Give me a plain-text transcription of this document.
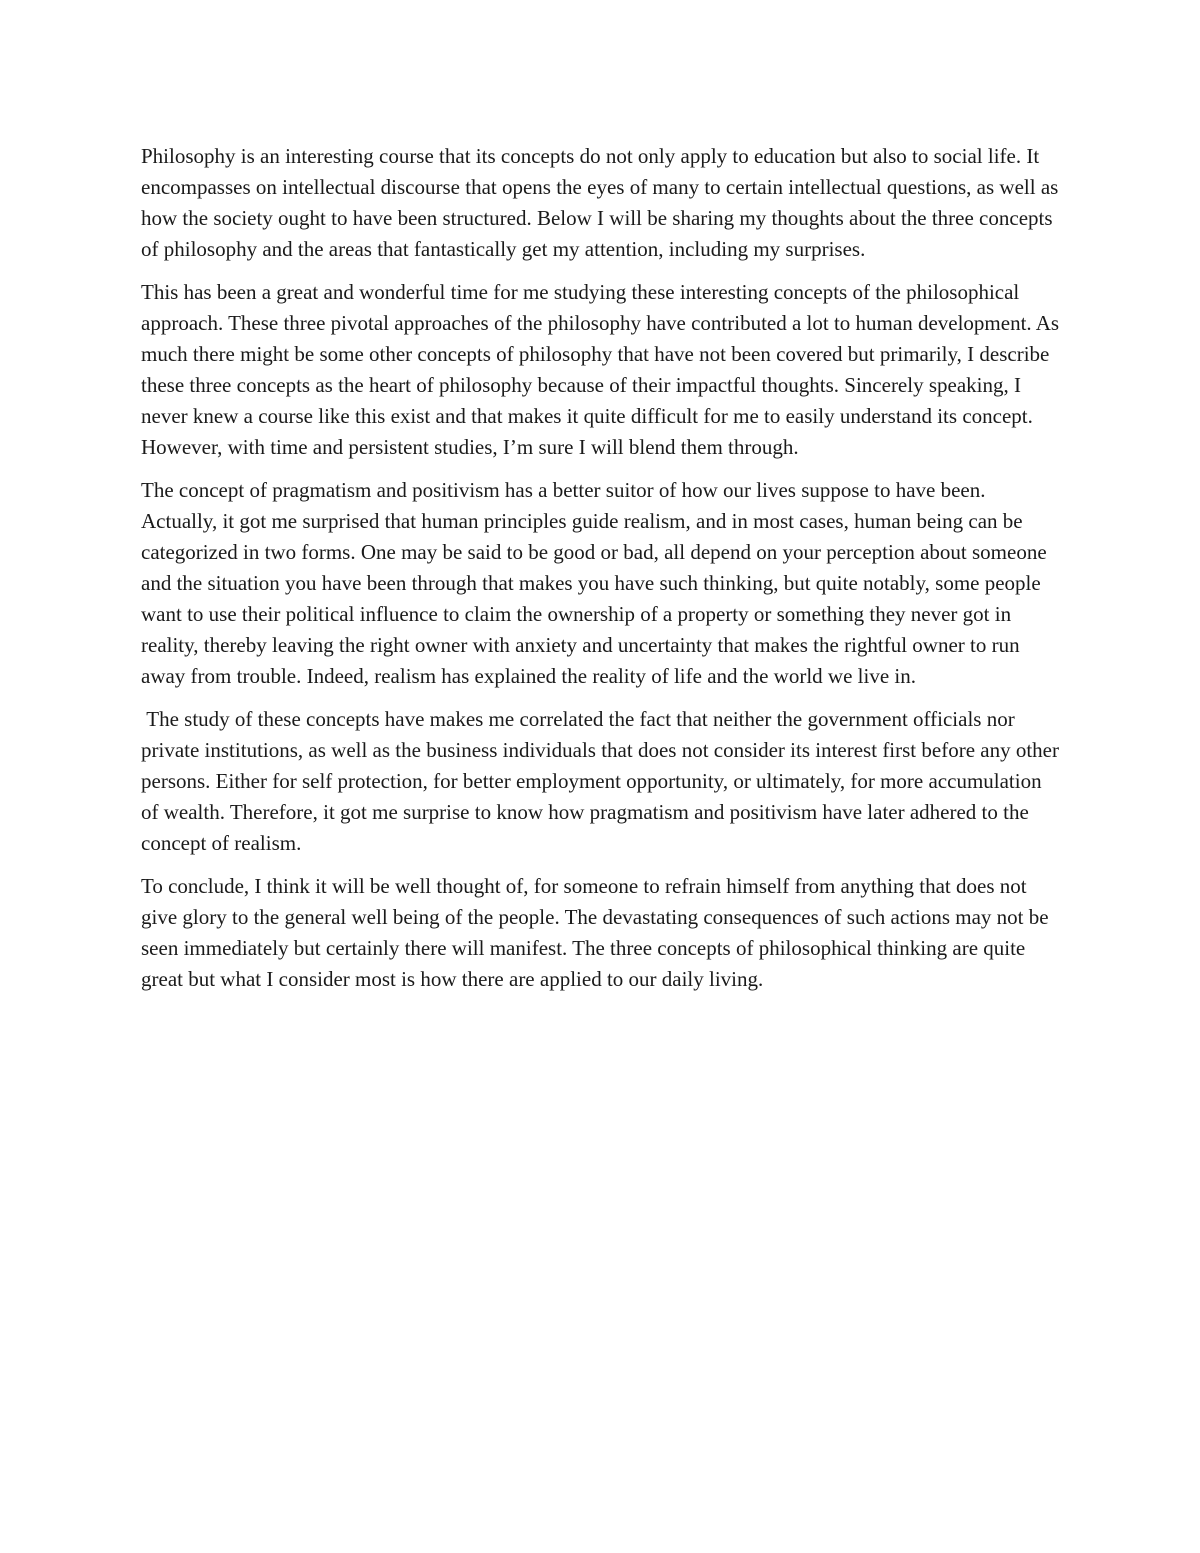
Philosophy is an interesting course that its concepts do not only apply to education but also to social life. It encompasses on intellectual discourse that opens the eyes of many to certain intellectual questions, as well as how the society ought to have been structured. Below I will be sharing my thoughts about the three concepts of philosophy and the areas that fantastically get my attention, including my surprises.

This has been a great and wonderful time for me studying these interesting concepts of the philosophical approach. These three pivotal approaches of the philosophy have contributed a lot to human development. As much there might be some other concepts of philosophy that have not been covered but primarily, I describe these three concepts as the heart of philosophy because of their impactful thoughts. Sincerely speaking, I never knew a course like this exist and that makes it quite difficult for me to easily understand its concept. However, with time and persistent studies, I’m sure I will blend them through.

The concept of pragmatism and positivism has a better suitor of how our lives suppose to have been. Actually, it got me surprised that human principles guide realism, and in most cases, human being can be categorized in two forms. One may be said to be good or bad, all depend on your perception about someone and the situation you have been through that makes you have such thinking, but quite notably, some people want to use their political influence to claim the ownership of a property or something they never got in reality, thereby leaving the right owner with anxiety and uncertainty that makes the rightful owner to run away from trouble. Indeed, realism has explained the reality of life and the world we live in.

The study of these concepts have makes me correlated the fact that neither the government officials nor private institutions, as well as the business individuals that does not consider its interest first before any other persons. Either for self protection, for better employment opportunity, or ultimately, for more accumulation of wealth. Therefore, it got me surprise to know how pragmatism and positivism have later adhered to the concept of realism.

To conclude, I think it will be well thought of, for someone to refrain himself from anything that does not give glory to the general well being of the people. The devastating consequences of such actions may not be seen immediately but certainly there will manifest. The three concepts of philosophical thinking are quite great but what I consider most is how there are applied to our daily living.
